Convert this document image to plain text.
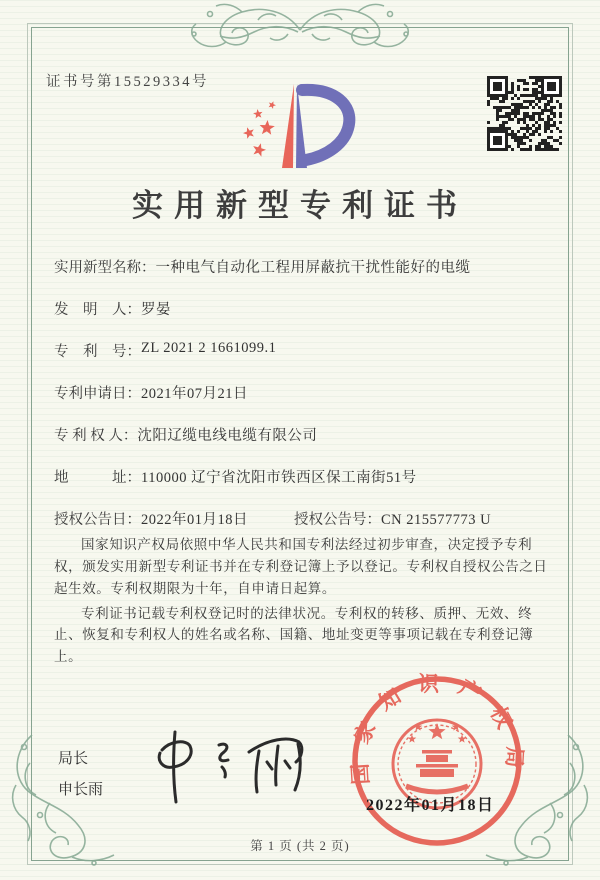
证书号第15529334号
实用新型专利证书
实用新型名称： 一种电气自动化工程用屏蔽抗干扰性能好的电缆
发　明　人： 罗晏
专　利　号： ZL 2021 2 1661099.1
专利申请日： 2021年07月21日
专 利 权 人： 沈阳辽缆电线电缆有限公司
地　　　址： 110000 辽宁省沈阳市铁西区保工南街51号
授权公告日：2022年01月18日	授权公告号：CN 215577773 U

国家知识产权局依照中华人民共和国专利法经过初步审查，决定授予专利权，颁发实用新型专利证书并在专利登记簿上予以登记。专利权自授权公告之日起生效。专利权期限为十年，自申请日起算。

专利证书记载专利权登记时的法律状况。专利权的转移、质押、无效、终止、恢复和专利权人的姓名或名称、国籍、地址变更等事项记载在专利登记簿上。

局长
申长雨
国家知识产权局
2022年01月18日
第 1 页 (共 2 页)
